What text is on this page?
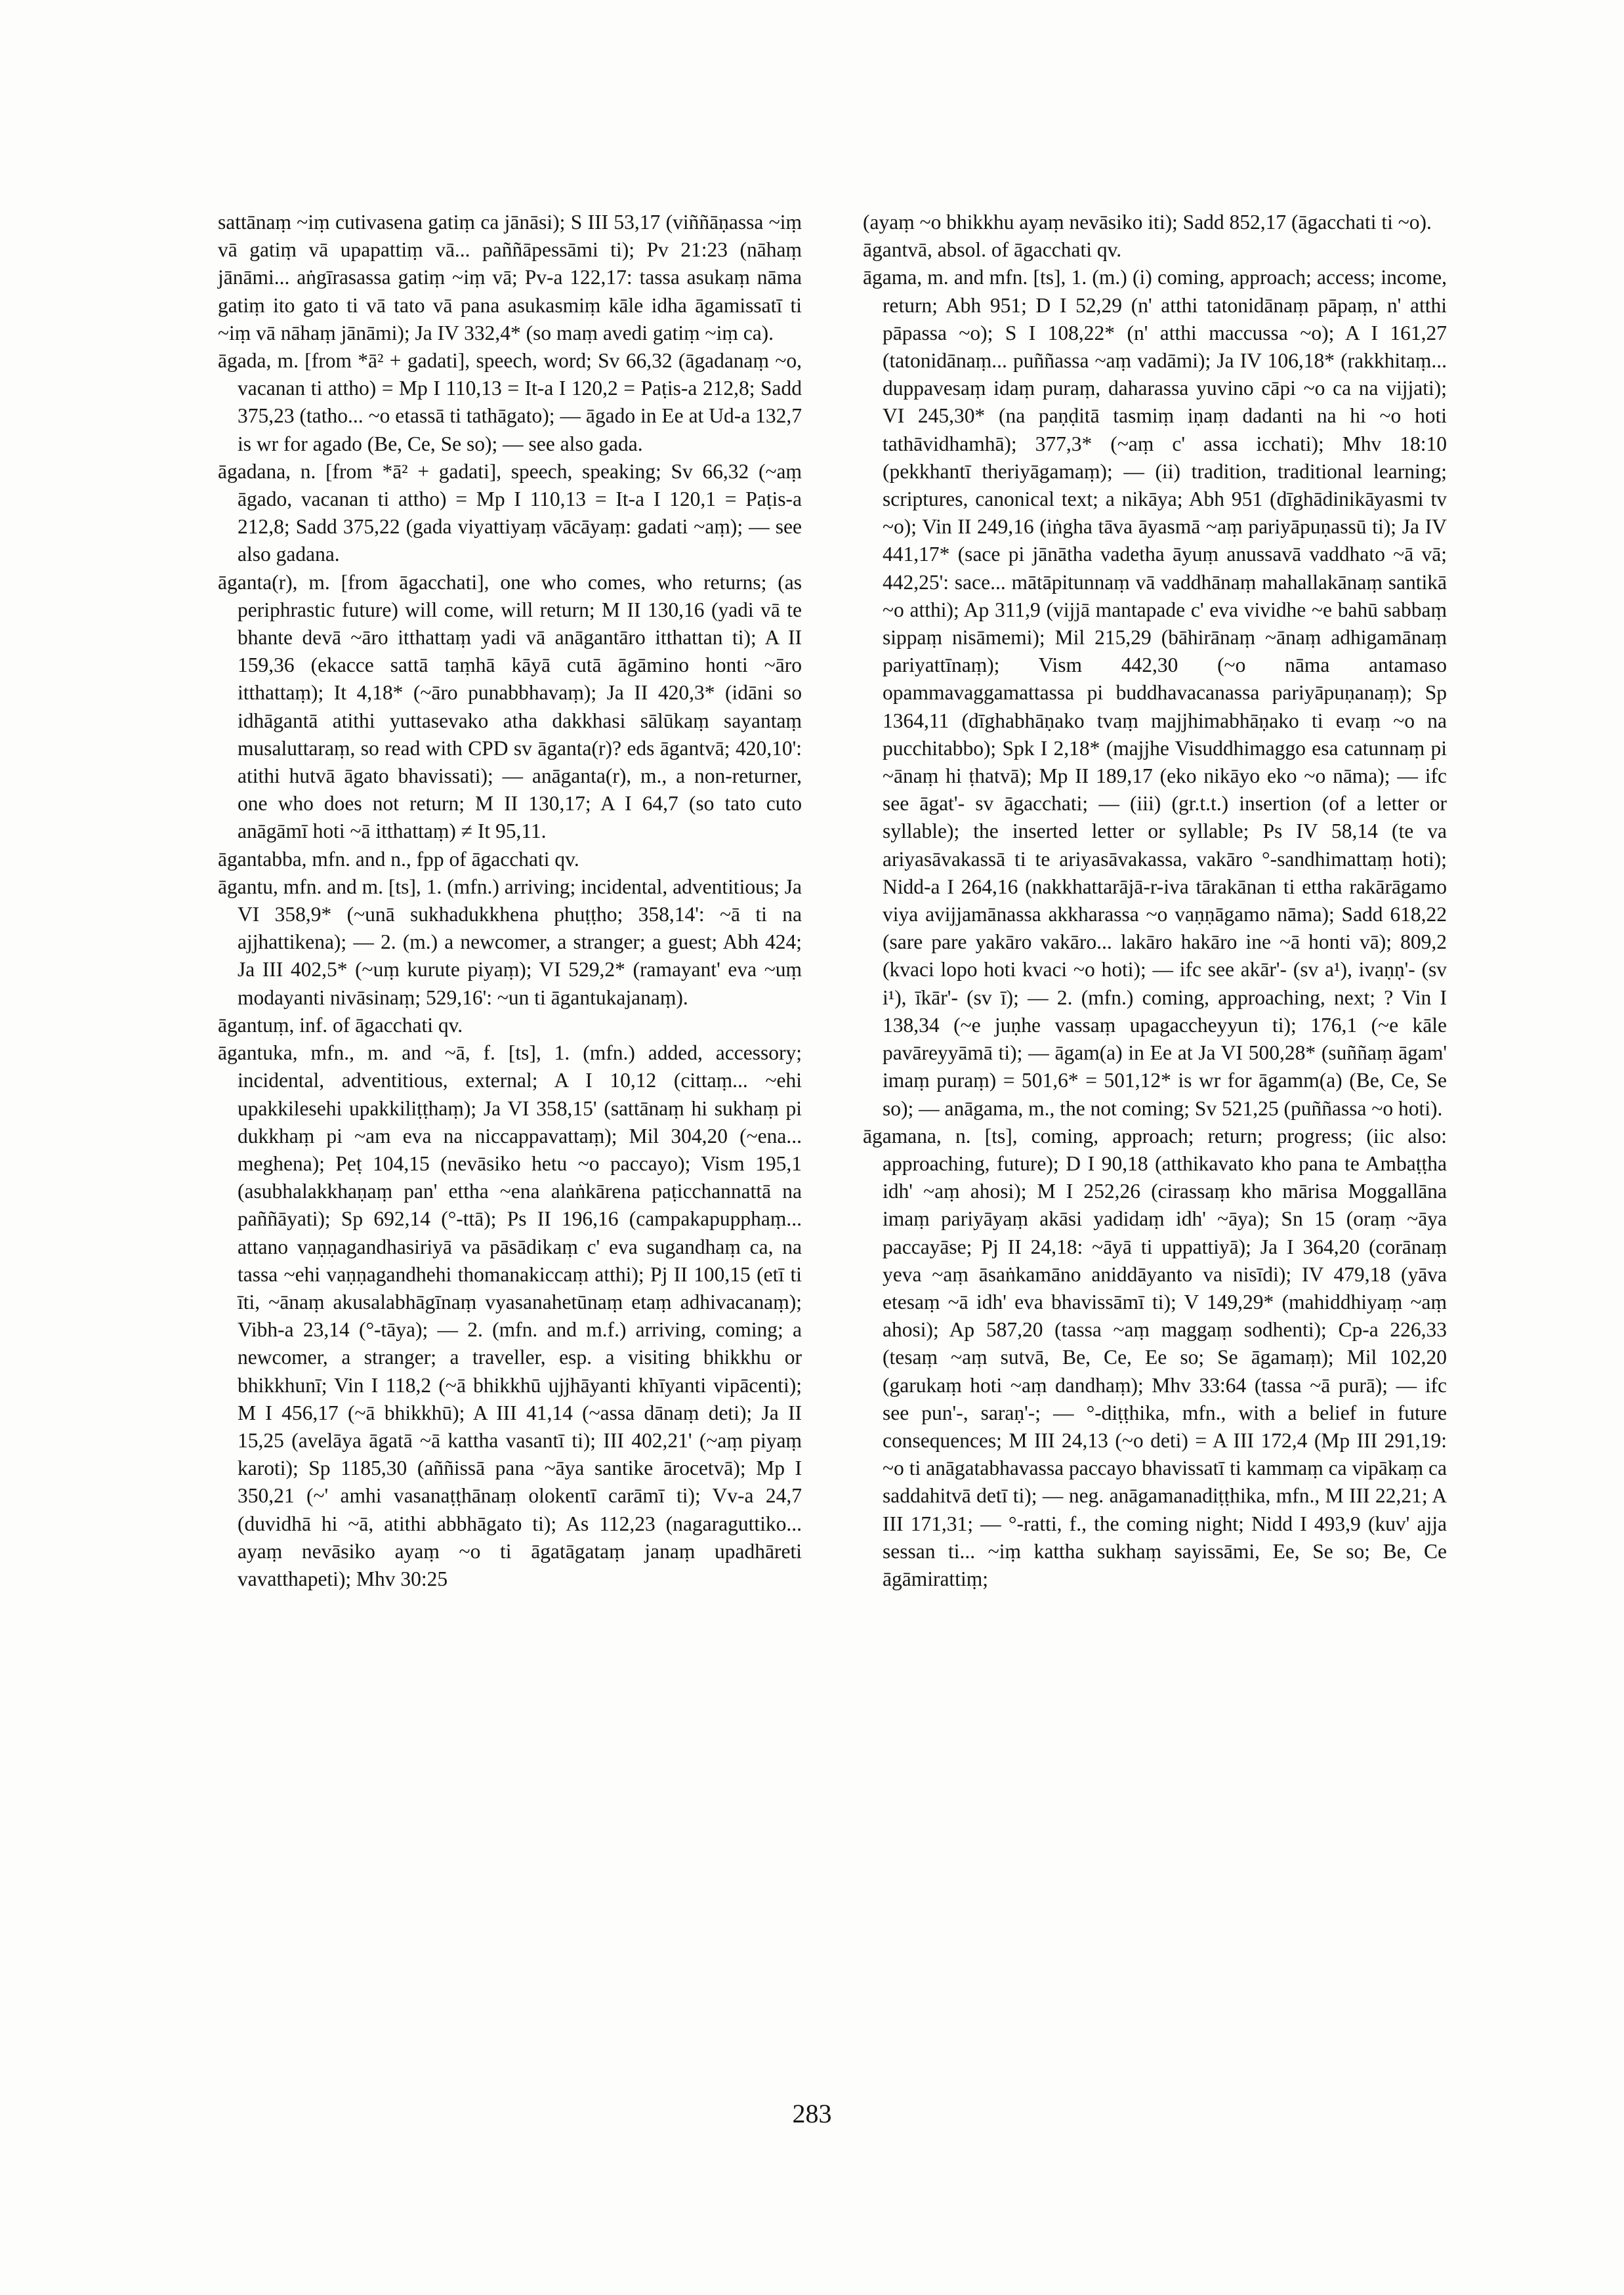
sattānaṃ ~iṃ cutivasena gatiṃ ca jānāsi); S III 53,17 (viññāṇassa ~iṃ vā gatiṃ vā upapattiṃ vā... paññāpessāmi ti); Pv 21:23 (nāhaṃ jānāmi... aṅgīrasassa gatiṃ ~iṃ vā; Pv-a 122,17: tassa asukaṃ nāma gatiṃ ito gato ti vā tato vā pana asukasmiṃ kāle idha āgamissatī ti ~iṃ vā nāhaṃ jānāmi); Ja IV 332,4* (so maṃ avedi gatiṃ ~iṃ ca).

āgada, m. [from *ā² + gadati], speech, word; Sv 66,32 (āgadanaṃ ~o, vacanan ti attho) = Mp I 110,13 = It-a I 120,2 = Paṭis-a 212,8; Sadd 375,23 (tatho... ~o etassā ti tathāgato); — āgado in Ee at Ud-a 132,7 is wr for agado (Be, Ce, Se so); — see also gada.

āgadana, n. [from *ā² + gadati], speech, speaking; Sv 66,32 (~aṃ āgado, vacanan ti attho) = Mp I 110,13 = It-a I 120,1 = Paṭis-a 212,8; Sadd 375,22 (gada viyattiyaṃ vācāyaṃ: gadati ~aṃ); — see also gadana.

āganta(r), m. [from āgacchati], one who comes, who returns; (as periphrastic future) will come, will return; M II 130,16 (yadi vā te bhante devā ~āro itthattaṃ yadi vā anāgantāro itthattan ti); A II 159,36 (ekacce sattā taṃhā kāyā cutā āgāmino honti ~āro itthattaṃ); It 4,18* (~āro punabbhavaṃ); Ja II 420,3* (idāni so idhāgantā atithi yuttasevako atha dakkhasi sālūkaṃ sayantaṃ musaluttaraṃ, so read with CPD sv āganta(r)? eds āgantvā; 420,10': atithi hutvā āgato bhavissati); — anāganta(r), m., a non-returner, one who does not return; M II 130,17; A I 64,7 (so tato cuto anāgāmī hoti ~ā itthattaṃ) ≠ It 95,11.

āgantabba, mfn. and n., fpp of āgacchati qv.

āgantu, mfn. and m. [ts], 1. (mfn.) arriving; incidental, adventitious; Ja VI 358,9* (~unā sukhadukkhena phuṭṭho; 358,14': ~ā ti na ajjhattikena); — 2. (m.) a newcomer, a stranger; a guest; Abh 424; Ja III 402,5* (~uṃ kurute piyaṃ); VI 529,2* (ramayant' eva ~uṃ modayanti nivāsinaṃ; 529,16': ~un ti āgantukajanaṃ).

āgantuṃ, inf. of āgacchati qv.

āgantuka, mfn., m. and ~ā, f. [ts], 1. (mfn.) added, accessory; incidental, adventitious, external; A I 10,12 (cittaṃ... ~ehi upakkilesehi upakkiliṭṭhaṃ); Ja VI 358,15' (sattānaṃ hi sukhaṃ pi dukkhaṃ pi ~am eva na niccappavattaṃ); Mil 304,20 (~ena... meghena); Peṭ 104,15 (nevāsiko hetu ~o paccayo); Vism 195,1 (asubhalakkhaṇaṃ pan' ettha ~ena alaṅkārena paṭicchannattā na paññāyati); Sp 692,14 (°-ttā); Ps II 196,16 (campakapupphaṃ... attano vaṇṇagandhasiriyā va pāsādikaṃ c' eva sugandhaṃ ca, na tassa ~ehi vaṇṇagandhehi thomanakiccaṃ atthi); Pj II 100,15 (etī ti īti, ~ānaṃ akusalabhāgīnaṃ vyasanahetūnaṃ etaṃ adhivacanaṃ); Vibh-a 23,14 (°-tāya); — 2. (mfn. and m.f.) arriving, coming; a newcomer, a stranger; a traveller, esp. a visiting bhikkhu or bhikkhunī; Vin I 118,2 (~ā bhikkhū ujjhāyanti khīyanti vipācenti); M I 456,17 (~ā bhikkhū); A III 41,14 (~assa dānaṃ deti); Ja II 15,25 (avelāya āgatā ~ā kattha vasantī ti); III 402,21' (~aṃ piyaṃ karoti); Sp 1185,30 (aññissā pana ~āya santike ārocetvā); Mp I 350,21 (~' amhi vasanaṭṭhānaṃ olokentī carāmī ti); Vv-a 24,7 (duvidhā hi ~ā, atithi abbhāgato ti); As 112,23 (nagaraguttiko... ayaṃ nevāsiko ayaṃ ~o ti āgatāgataṃ janaṃ upadhāreti vavatthapeti); Mhv 30:25

(ayaṃ ~o bhikkhu ayaṃ nevāsiko iti); Sadd 852,17 (āgacchati ti ~o).

āgantvā, absol. of āgacchati qv.

āgama, m. and mfn. [ts], 1. (m.) (i) coming, approach; access; income, return; Abh 951; D I 52,29 (n' atthi tatonidānaṃ pāpaṃ, n' atthi pāpassa ~o); S I 108,22* (n' atthi maccussa ~o); A I 161,27 (tatonidānaṃ... puññassa ~aṃ vadāmi); Ja IV 106,18* (rakkhitaṃ... duppavesaṃ idaṃ puraṃ, daharassa yuvino cāpi ~o ca na vijjati); VI 245,30* (na paṇḍitā tasmiṃ iṇaṃ dadanti na hi ~o hoti tathāvidhamhā); 377,3* (~aṃ c' assa icchati); Mhv 18:10 (pekkhantī theriyāgamaṃ); — (ii) tradition, traditional learning; scriptures, canonical text; a nikāya; Abh 951 (dīghādinikāyasmi tv ~o); Vin II 249,16 (iṅgha tāva āyasmā ~aṃ pariyāpuṇassū ti); Ja IV 441,17* (sace pi jānātha vadetha āyuṃ anussavā vaddhato ~ā vā; 442,25': sace... mātāpitunnaṃ vā vaddhānaṃ mahallakānaṃ santikā ~o atthi); Ap 311,9 (vijjā mantapade c' eva vividhe ~e bahū sabbaṃ sippaṃ nisāmemi); Mil 215,29 (bāhirānaṃ ~ānaṃ adhigamānaṃ pariyattīnaṃ); Vism 442,30 (~o nāma antamaso opammavaggamattassa pi buddhavacanassa pariyāpuṇanaṃ); Sp 1364,11 (dīghabhāṇako tvaṃ majjhimabhāṇako ti evaṃ ~o na pucchitabbo); Spk I 2,18* (majjhe Visuddhimaggo esa catunnaṃ pi ~ānaṃ hi ṭhatvā); Mp II 189,17 (eko nikāyo eko ~o nāma); — ifc see āgat'- sv āgacchati; — (iii) (gr.t.t.) insertion (of a letter or syllable); the inserted letter or syllable; Ps IV 58,14 (te va ariyasāvakassā ti te ariyasāvakassa, vakāro °-sandhimattaṃ hoti); Nidd-a I 264,16 (nakkhattarājā-r-iva tārakānan ti ettha rakārāgamo viya avijjamānassa akkharassa ~o vaṇṇāgamo nāma); Sadd 618,22 (sare pare yakāro vakāro... lakāro hakāro ine ~ā honti vā); 809,2 (kvaci lopo hoti kvaci ~o hoti); — ifc see akār'- (sv a¹), ivaṇṇ'- (sv i¹), īkār'- (sv ī); — 2. (mfn.) coming, approaching, next; ? Vin I 138,34 (~e juṇhe vassaṃ upagaccheyyun ti); 176,1 (~e kāle pavāreyyāmā ti); — āgam(a) in Ee at Ja VI 500,28* (suññaṃ āgam' imaṃ puraṃ) = 501,6* = 501,12* is wr for āgamm(a) (Be, Ce, Se so); — anāgama, m., the not coming; Sv 521,25 (puññassa ~o hoti).

āgamana, n. [ts], coming, approach; return; progress; (iic also: approaching, future); D I 90,18 (atthikavato kho pana te Ambaṭṭha idh' ~aṃ ahosi); M I 252,26 (cirassaṃ kho mārisa Moggallāna imaṃ pariyāyaṃ akāsi yadidaṃ idh' ~āya); Sn 15 (oraṃ ~āya paccayāse; Pj II 24,18: ~āyā ti uppattiyā); Ja I 364,20 (corānaṃ yeva ~aṃ āsaṅkamāno aniddāyanto va nisīdi); IV 479,18 (yāva etesaṃ ~ā idh' eva bhavissāmī ti); V 149,29* (mahiddhiyaṃ ~aṃ ahosi); Ap 587,20 (tassa ~aṃ maggaṃ sodhenti); Cp-a 226,33 (tesaṃ ~aṃ sutvā, Be, Ce, Ee so; Se āgamaṃ); Mil 102,20 (garukaṃ hoti ~aṃ dandhaṃ); Mhv 33:64 (tassa ~ā purā); — ifc see pun'-, saraṇ'-; — °-diṭṭhika, mfn., with a belief in future consequences; M III 24,13 (~o deti) = A III 172,4 (Mp III 291,19: ~o ti anāgatabhavassa paccayo bhavissatī ti kammaṃ ca vipākaṃ ca saddahitvā detī ti); — neg. anāgamanadiṭṭhika, mfn., M III 22,21; A III 171,31; — °-ratti, f., the coming night; Nidd I 493,9 (kuv' ajja sessan ti... ~iṃ kattha sukhaṃ sayissāmi, Ee, Se so; Be, Ce āgāmirattiṃ;

283
